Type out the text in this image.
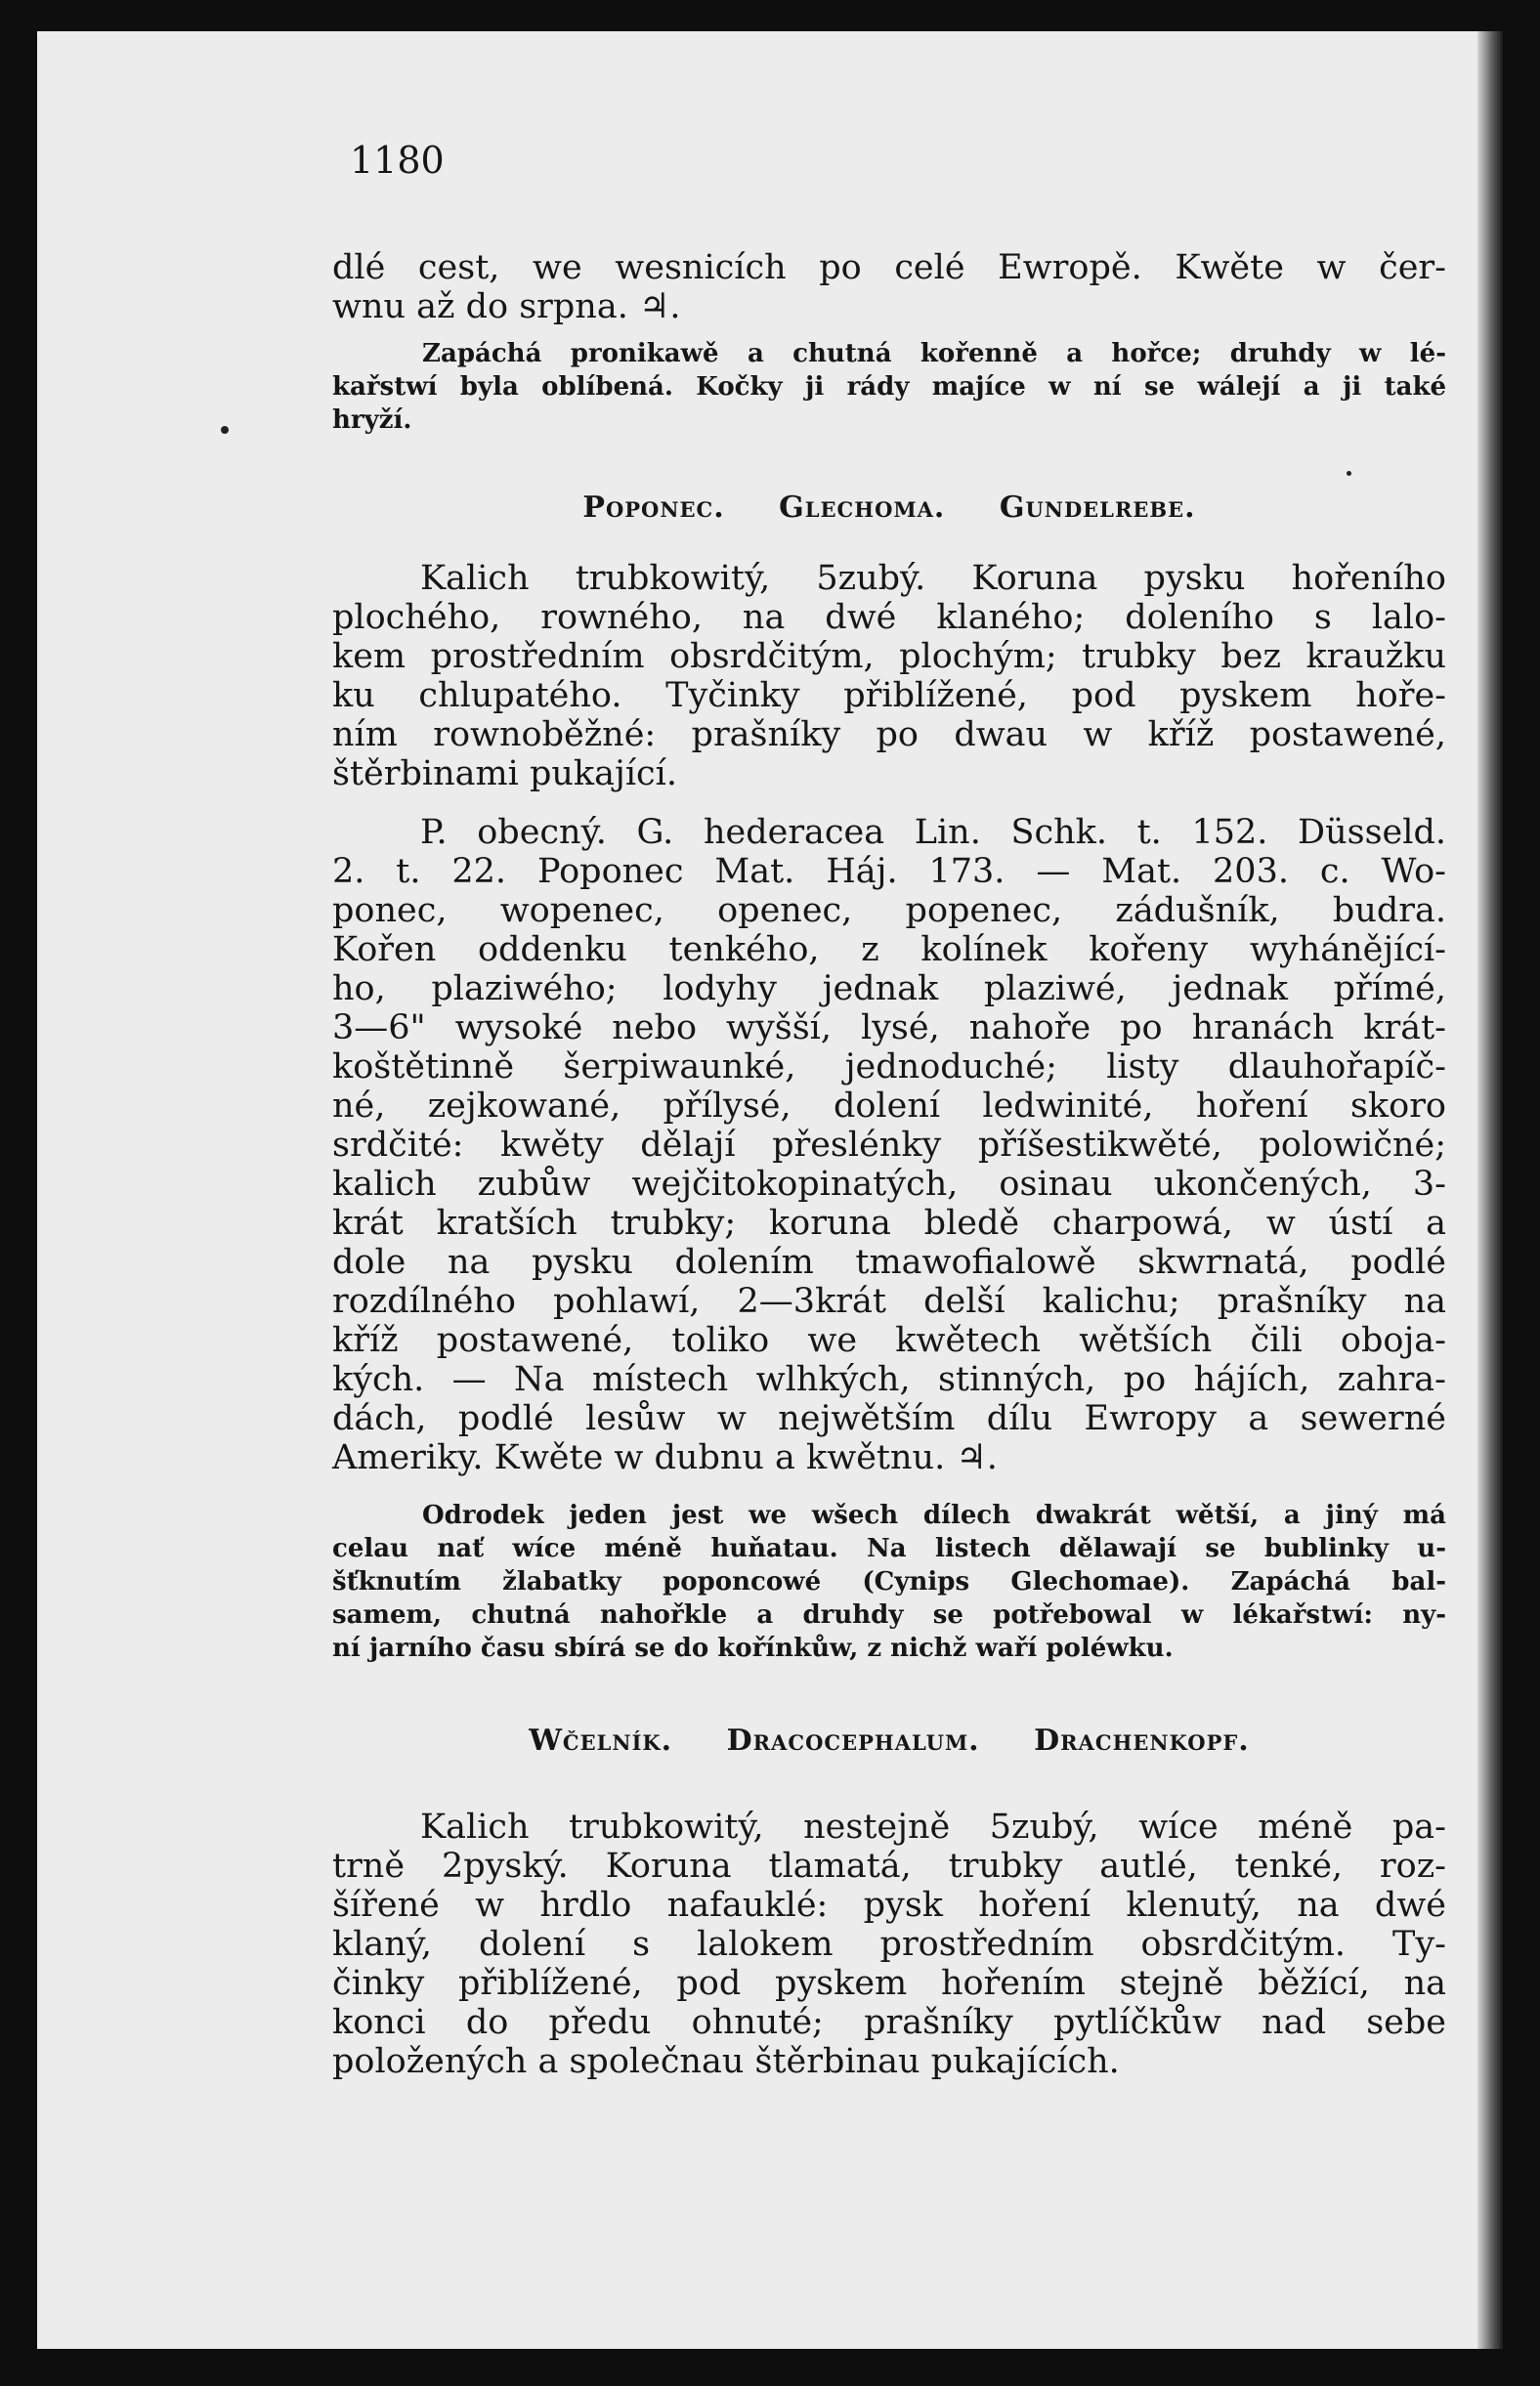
1180

dlé cest, we wesnicích po celé Ewropě. Kwěte w čer-
wnu až do srpna. ♃.
Zapáchá pronikawě a chutná kořenně a hořce; druhdy w lé-
kařstwí byla oblíbená. Kočky ji rády majíce w ní se wálejí a ji také
hryží.

Poponec. Glechoma. Gundelrebe.

Kalich trubkowitý, 5zubý. Koruna pysku hořeního
plochého, rowného, na dwé klaného; doleního s lalo-
kem prostředním obsrdčitým, plochým; trubky bez kraužku
ku chlupatého. Tyčinky přiblížené, pod pyskem hoře-
ním rownoběžné: prašníky po dwau w kříž postawené,
štěrbinami pukající.
P. obecný. G. hederacea Lin. Schk. t. 152. Düsseld.
2. t. 22. Poponec Mat. Háj. 173. — Mat. 203. c. Wo-
ponec, wopenec, openec, popenec, zádušník, budra.
Kořen oddenku tenkého, z kolínek kořeny wyhánějící-
ho, plaziwého; lodyhy jednak plaziwé, jednak přímé,
3—6" wysoké nebo wyšší, lysé, nahoře po hranách krát-
koštětinně šerpiwaunké, jednoduché; listy dlauhořapíč-
né, zejkowané, přílysé, dolení ledwinité, hoření skoro
srdčité: kwěty dělají přeslénky příšestikwěté, polowičné;
kalich zubůw wejčitokopinatých, osinau ukončených, 3-
krát kratších trubky; koruna bledě charpowá, w ústí a
dole na pysku dolením tmawofialowě skwrnatá, podlé
rozdílného pohlawí, 2—3krát delší kalichu; prašníky na
kříž postawené, toliko we kwětech wětších čili oboja-
kých. — Na místech wlhkých, stinných, po hájích, zahra-
dách, podlé lesůw w nejwětším dílu Ewropy a sewerné
Ameriky. Kwěte w dubnu a kwětnu. ♃.
Odrodek jeden jest we wšech dílech dwakrát wětší, a jiný má
celau nať wíce méně huňatau. Na listech dělawají se bublinky u-
šťknutím žlabatky poponcowé (Cynips Glechomae). Zapáchá bal-
samem, chutná nahořkle a druhdy se potřebowal w lékařstwí: ny-
ní jarního času sbírá se do kořínkůw, z nichž waří poléwku.

Wčelník. Dracocephalum. Drachenkopf.

Kalich trubkowitý, nestejně 5zubý, wíce méně pa-
trně 2pyský. Koruna tlamatá, trubky autlé, tenké, roz-
šířené w hrdlo nafauklé: pysk hoření klenutý, na dwé
klaný, dolení s lalokem prostředním obsrdčitým. Ty-
činky přiblížené, pod pyskem hořením stejně běžící, na
konci do předu ohnuté; prašníky pytlíčkůw nad sebe
položených a společnau štěrbinau pukajících.
